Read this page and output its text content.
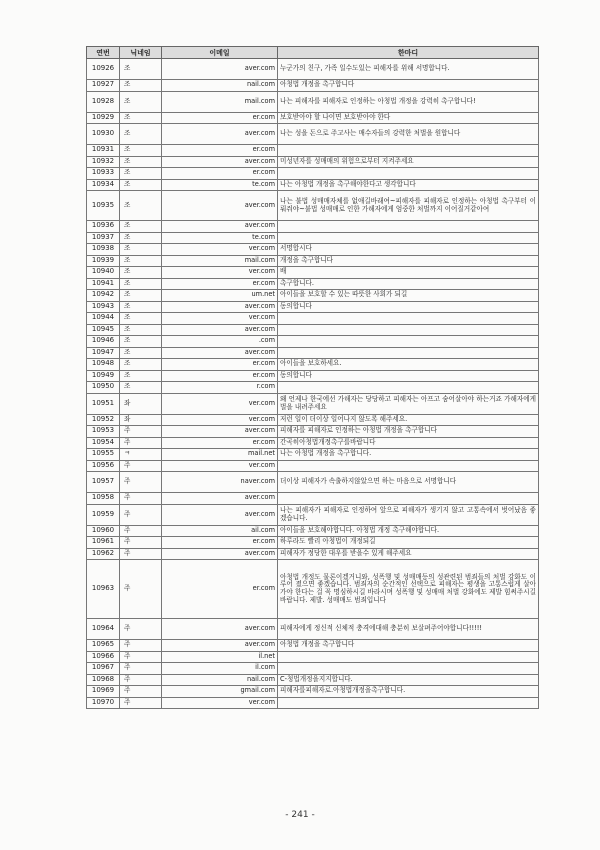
연번	닉네임	이메일	한마디
10926	조	aver.com	누군가의 친구, 가족 일수도있는 피해자를 위해 서명합니다.
10927	조	nail.com	아청법 개정을 촉구합니다
10928	조	mail.com	나는 피해자를 피해자로 인정하는 아청법 개정을 강력히 촉구합니다!
10929	조	er.com	보호받아야 할 나이면 보호받아야 한다
10930	조	aver.com	나는 성을 돈으로 주고사는 매수자들의 강력한 처벌을 원합니다
10931	조	er.com	
10932	조	aver.com	미성년자를 성매매의 위험으로부터 지켜주세요
10933	조	er.com	
10934	조	te.com	나는 아청법 개정을 촉구해야한다고 생각합니다
10935	조	aver.com	나는 불법 성매매자체를 없애길바래여~피해자를 피해자로 인정하는 아청법 촉구부터 이뤄줘야~불법 성매매로 인한 가해자에게 엄중한 처벌까지 이어질거같아여
10936	조	aver.com	
10937	조	te.com	
10938	조	ver.com	서명합시다
10939	조	mail.com	개정을 촉구합니다
10940	조	ver.com	배
10941	조	er.com	촉구합니다.
10942	조	um.net	아이들을 보호할 수 있는 따뜻한 사회가 되길
10943	조	aver.com	동의합니다
10944	조	ver.com	
10945	조	aver.com	
10946	조	.com	
10947	조	aver.com	
10948	조	er.com	아이들을 보호하세요.
10949	조	er.com	동의합니다
10950	조	r.com	
10951	좌	ver.com	왜 언제나 한국에선 가해자는 당당하고 피해자는 아프고 숨어살아야 하는거죠 가해자에게 벌을 내려주세요
10952	좌	ver.com	저런 일이 더이상 일어나지 않도록 해주세요.
10953	주	aver.com	피해자를 피해자로 인정하는 아청법 개정을 촉구합니다
10954	주	er.com	간곡히아청법개정촉구를바랍니다
10955	ㅋ	mail.net	나는 아청법 개정을 촉구합니다.
10956	주	ver.com	
10957	주	naver.com	더이상 피해자가 속출하지않았으면 하는 마음으로 서명합니다
10958	주	aver.com	
10959	주	aver.com	나는 피해자가 피해자로 인정하여 앞으로 피해자가 생기지 않고 고통속에서 벗어났음 좋겠습니다.
10960	주	ail.com	아이들을 보호해야합니다. 아청법 개정 촉구해야합니다.
10961	주	er.com	하루라도 빨리 아청법이 개정되길
10962	주	aver.com	피해자가 정당한 대우를 받을수 있게 해주세요
10963	주	er.com	아청법 개정도 물론이겠거니와, 성폭행 및 성매매등의 성관련된 범죄들의 처벌 강화도 이루어 졌으면 좋겠습니다. 범죄자의 순간적인 선택으로 피해자는 평생을 고통스럽게 살아가야 한다는 걸 꼭 명심하시길 바라시며 성폭행 및 성매매 처벌 강화에도 제발 힘써주시길 바랍니다. 제발. 성매매도 범죄입니다
10964	주	aver.com	피해자에게 정신적 신체적 충격에대해 충분히 보살펴주어야합니다!!!!!
10965	주	aver.com	아청법 개정을 촉구합니다
10966	주	il.net	
10967	주	il.com	
10968	주	nail.com	C-청법개정을지지합니다.
10969	주	gmail.com	피해자를피해자로.아청법개정을촉구합니다.
10970	주	ver.com	
- 241 -
